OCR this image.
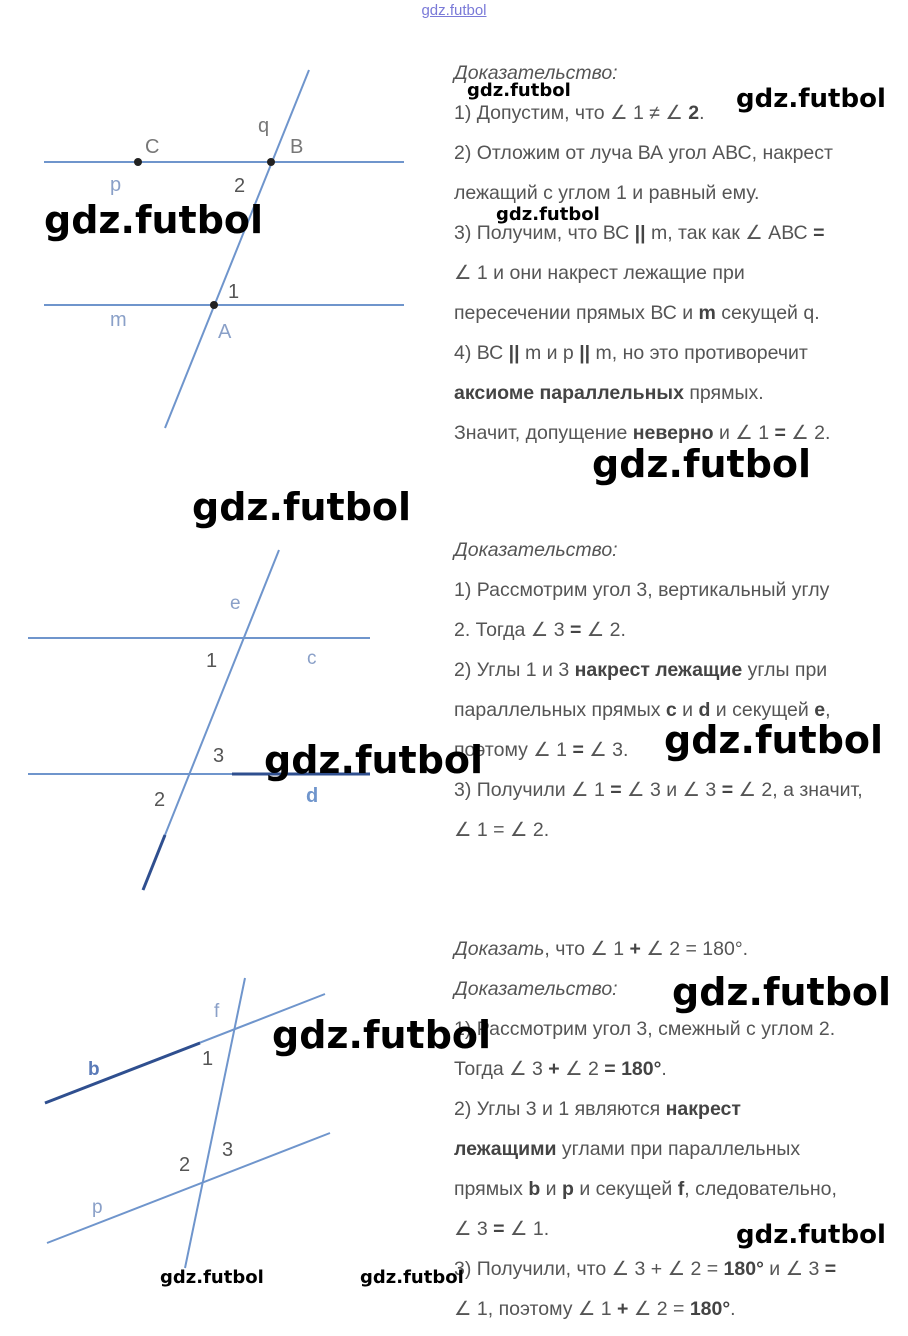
gdz.futbol
C	B
q
p	2
1
m
A
e
1	c
3
2	d
f
b	1
3
2
p
Доказательство:
1) Допустим, что ∠ 1 ≠ ∠ 2.
2) Отложим от луча ВА угол АВС, накрест
лежащий с углом 1 и равный ему.
3) Получим, что ВС || m, так как ∠ АВС =
∠ 1 и они накрест лежащие при
пересечении прямых ВС и m секущей q.
4) ВС || m и p || m, но это противоречит
аксиоме параллельных прямых.
Значит, допущение неверно и ∠ 1 = ∠ 2.
Доказательство:
1) Рассмотрим угол 3, вертикальный углу
2. Тогда ∠ 3 = ∠ 2.
2) Углы 1 и 3 накрест лежащие углы при
параллельных прямых с и d и секущей е,
поэтому ∠ 1 = ∠ 3.
3) Получили ∠ 1 = ∠ 3 и ∠ 3 = ∠ 2, а значит,
∠ 1 = ∠ 2.
Доказать, что ∠ 1 + ∠ 2 = 180°.
Доказательство:
1) Рассмотрим угол 3, смежный с углом 2.
Тогда ∠ 3 + ∠ 2 = 180°.
2) Углы 3 и 1 являются накрест
лежащими углами при параллельных
прямых b и p и секущей f, следовательно,
∠ 3 = ∠ 1.
3) Получили, что ∠ 3 + ∠ 2 = 180° и ∠ 3 =
∠ 1, поэтому ∠ 1 + ∠ 2 = 180°.
gdz.futbol	gdz.futbol
gdz.futbol	gdz.futbol
gdz.futbol
gdz.futbol
gdz.futbol
gdz.futbol
gdz.futbol
gdz.futbol
gdz.futbol
gdz.futbol	gdz.futbol
